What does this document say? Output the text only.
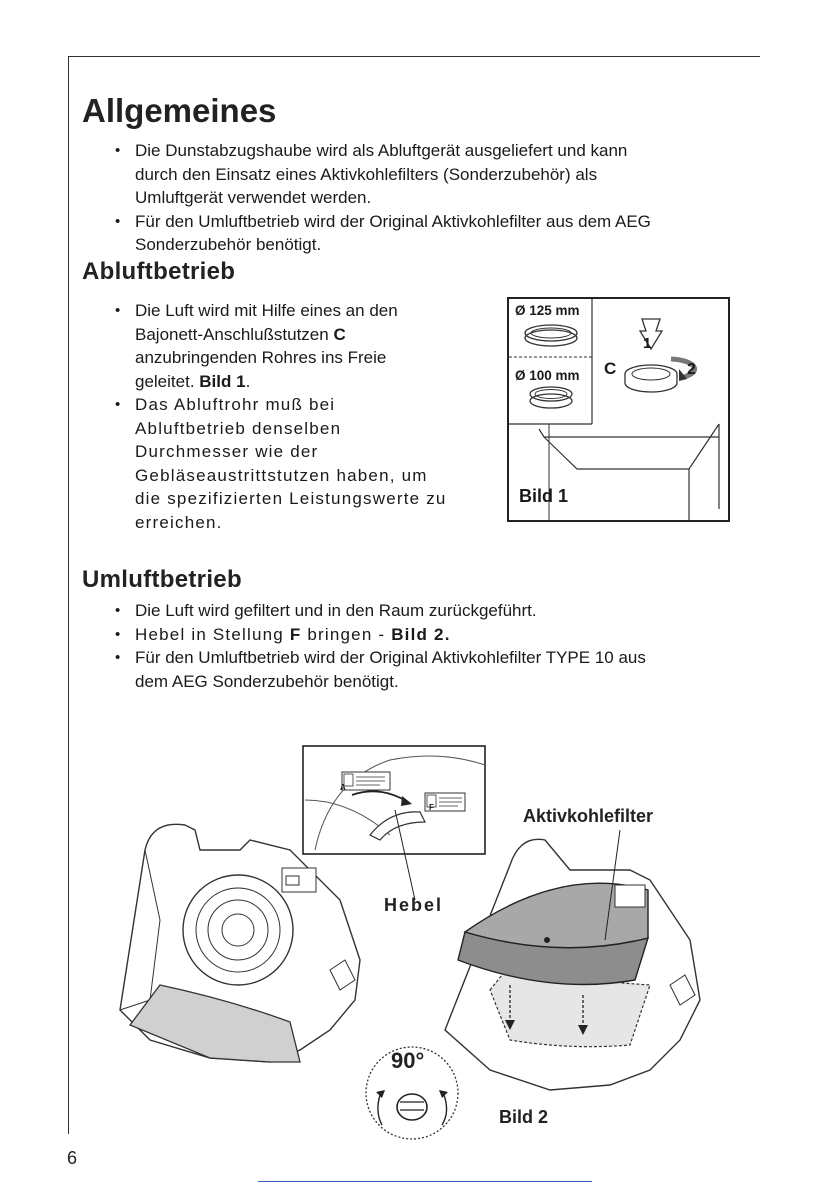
Allgemeines
• Die Dunstabzugshaube wird als Abluftgerät ausgeliefert und kann
durch den Einsatz eines Aktivkohlefilters (Sonderzubehör) als
Umluftgerät verwendet werden.
• Für den Umluftbetrieb wird der Original Aktivkohlefilter aus dem AEG
Sonderzubehör benötigt.
Abluftbetrieb
• Die Luft wird mit Hilfe eines an den
Bajonett-Anschlußstutzen C
anzubringenden Rohres ins Freie
geleitet. Bild 1.
• Das Abluftrohr muß bei
Abluftbetrieb denselben
Durchmesser wie der
Gebläseaustrittstutzen haben, um
die spezifizierten Leistungswerte zu
erreichen.
Ø 125 mm
Ø 100 mm C
1
2
Bild 1
Umluftbetrieb
• Die Luft wird gefiltert und in den Raum zurückgeführt.
• Hebel in Stellung F bringen - Bild 2.
• Für den Umluftbetrieb wird der Original Aktivkohlefilter TYPE 10 aus
dem AEG Sonderzubehör benötigt.
A
F	Aktivkohlefilter
Hebel
90°
Bild 2
6
